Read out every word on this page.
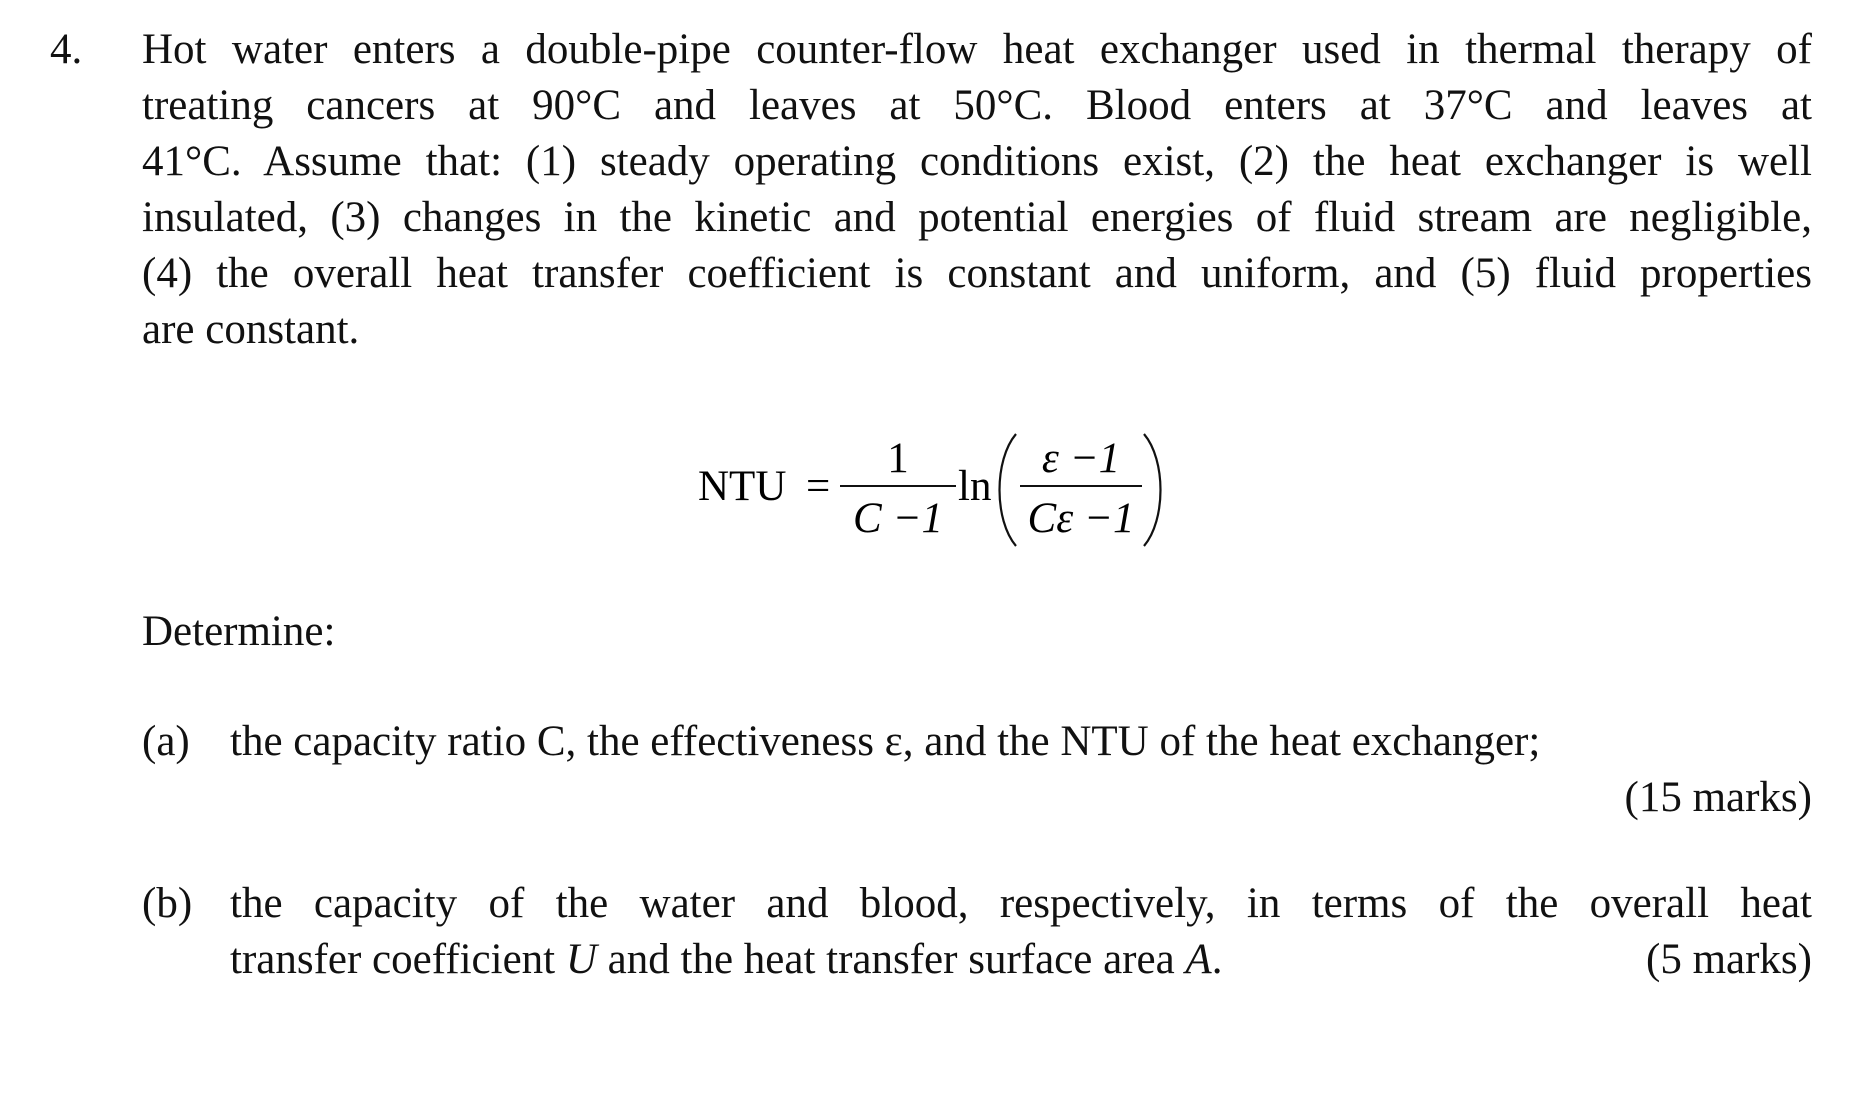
4. Hot water enters a double-pipe counter-flow heat exchanger used in thermal therapy of
treating cancers at 90°C and leaves at 50°C. Blood enters at 37°C and leaves at
41°C. Assume that: (1) steady operating conditions exist, (2) the heat exchanger is well
insulated, (3) changes in the kinetic and potential energies of fluid stream are negligible,
(4) the overall heat transfer coefficient is constant and uniform, and (5) fluid properties
are constant.
NTU =
1
C −1
ln
ε −1
Cε −1
Determine:
(a) the capacity ratio C, the effectiveness ε, and the NTU of the heat exchanger;
(15 marks)
(b) the capacity of the water and blood, respectively, in terms of the overall heat
transfer coefficient U and the heat transfer surface area A.	(5 marks)
